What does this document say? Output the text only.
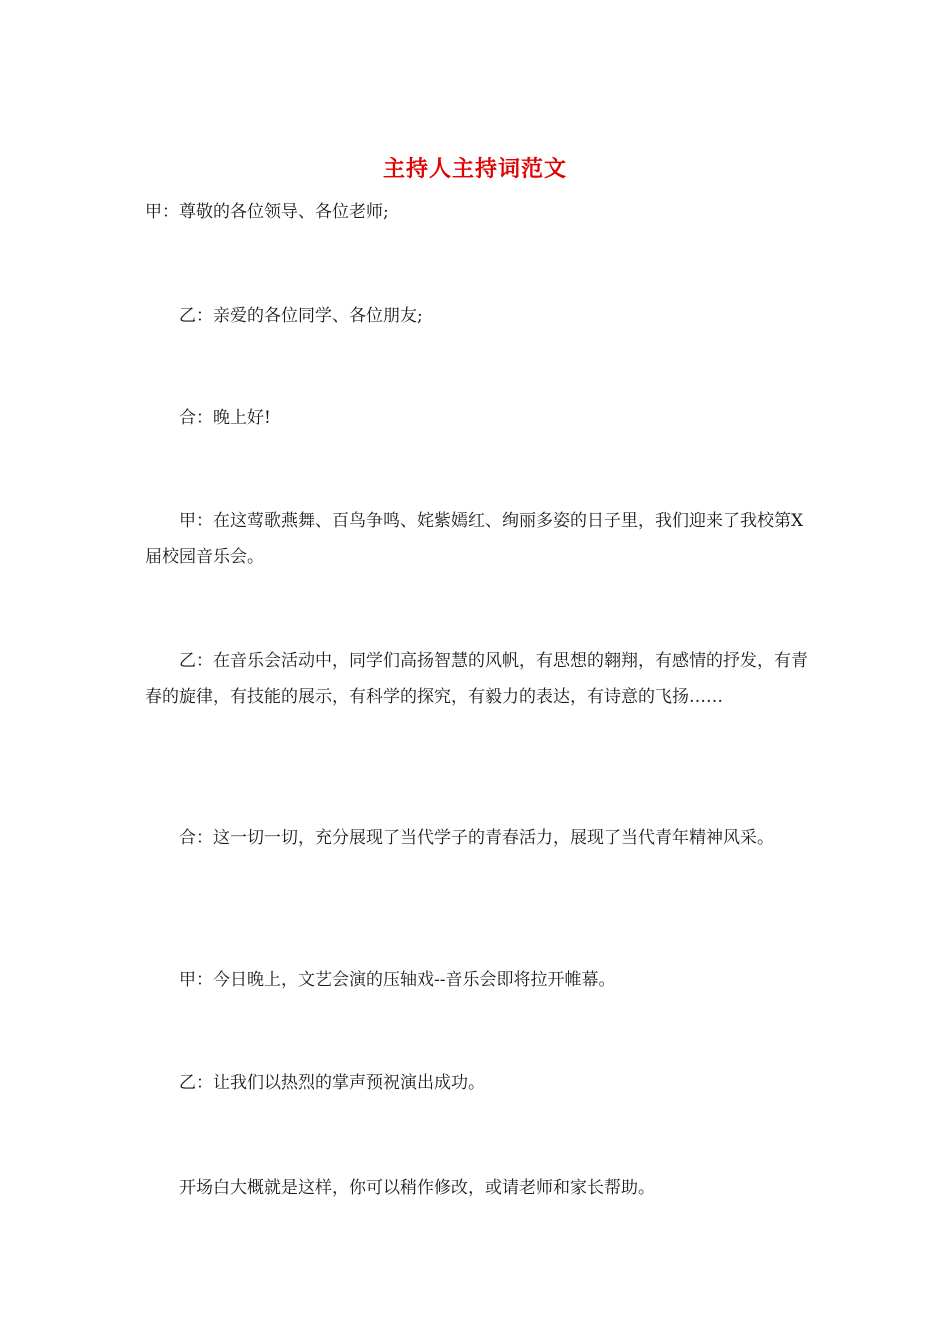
主持人主持词范文
甲：尊敬的各位领导、各位老师;
乙：亲爱的各位同学、各位朋友;
合：晚上好!
甲：在这莺歌燕舞、百鸟争鸣、姹紫嫣红、绚丽多姿的日子里，我们迎来了我校第X届校园音乐会。
乙：在音乐会活动中，同学们高扬智慧的风帆，有思想的翱翔，有感情的抒发，有青春的旋律，有技能的展示，有科学的探究，有毅力的表达，有诗意的飞扬……
合：这一切一切，充分展现了当代学子的青春活力，展现了当代青年精神风采。
甲：今日晚上，文艺会演的压轴戏--音乐会即将拉开帷幕。
乙：让我们以热烈的掌声预祝演出成功。
开场白大概就是这样，你可以稍作修改，或请老师和家长帮助。
